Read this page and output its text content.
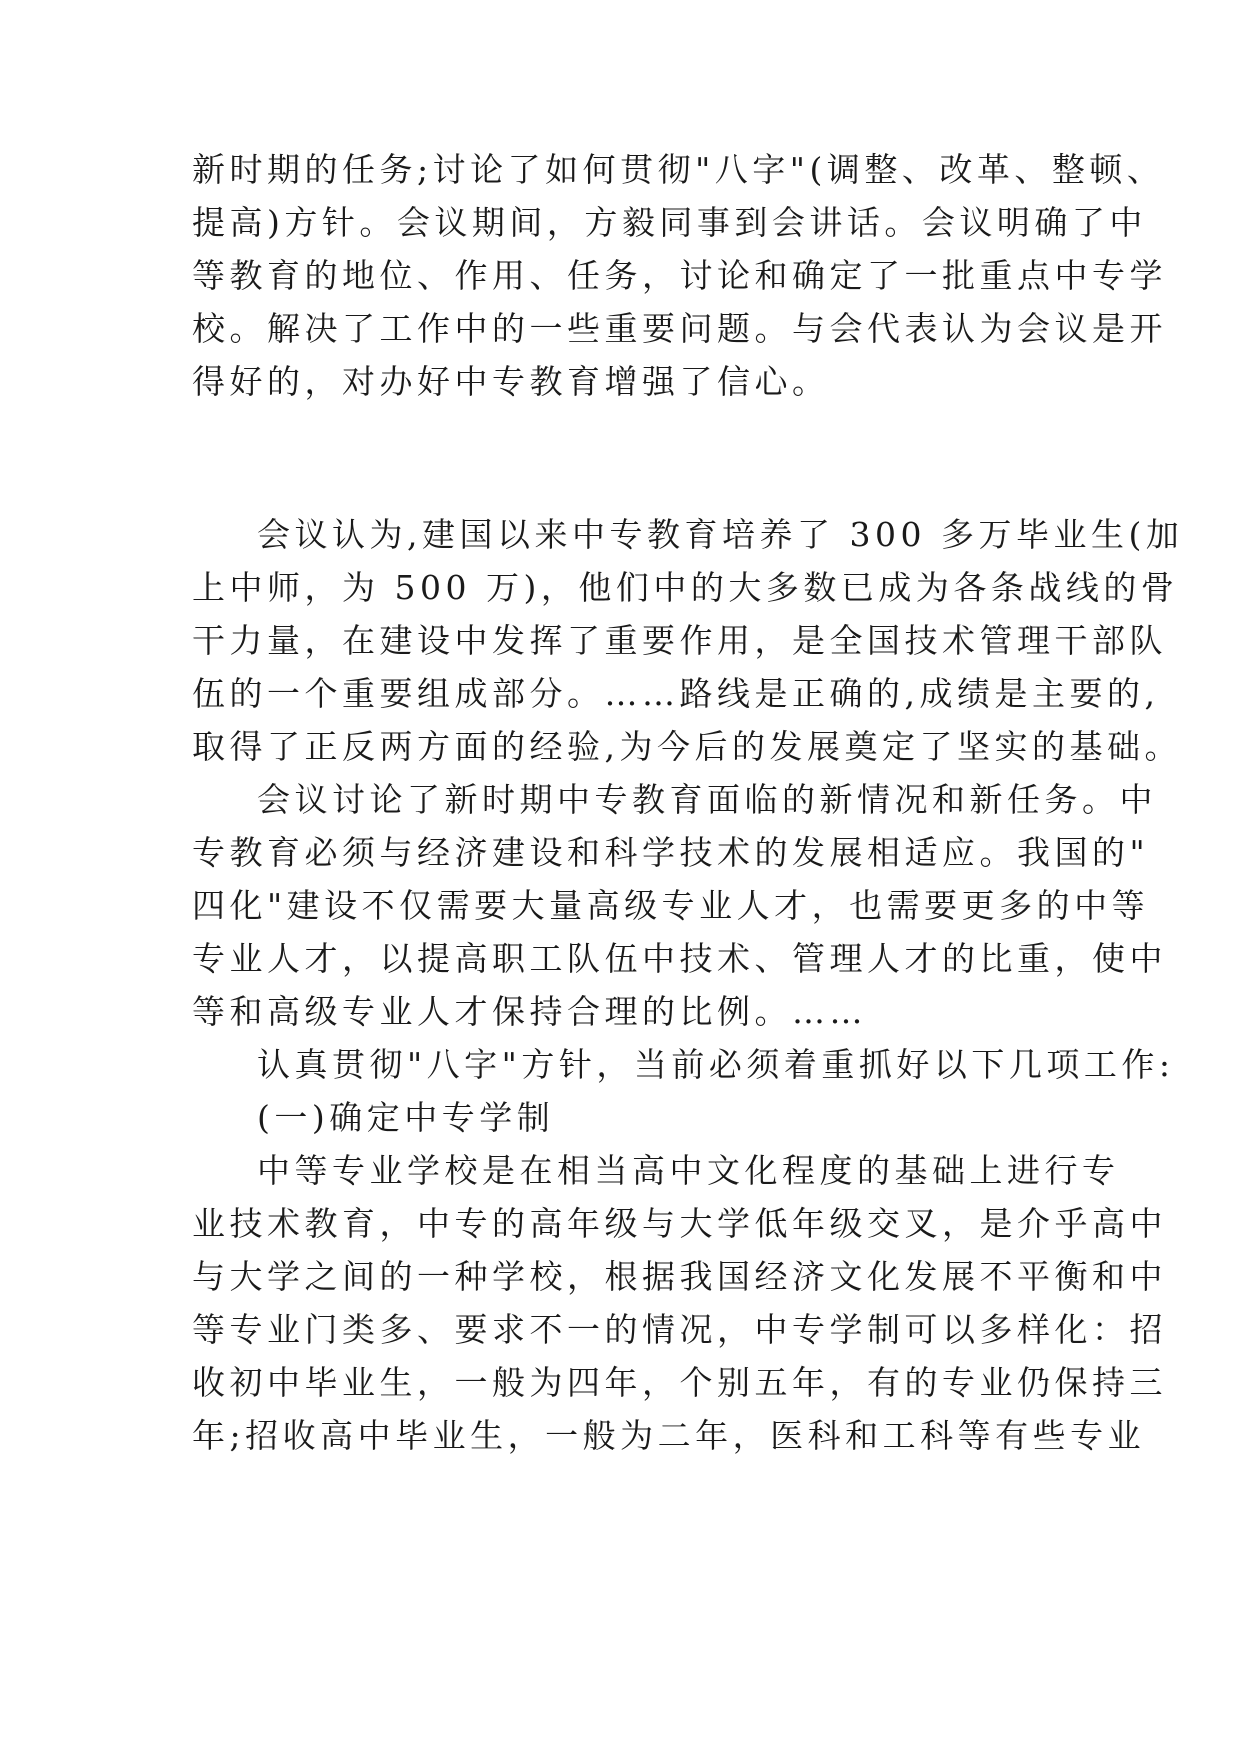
新时期的任务;讨论了如何贯彻"八字"(调整、改革、整顿、
提高)方针。会议期间，方毅同事到会讲话。会议明确了中
等教育的地位、作用、任务，讨论和确定了一批重点中专学
校。解决了工作中的一些重要问题。与会代表认为会议是开
得好的，对办好中专教育增强了信心。
会议认为,建国以来中专教育培养了 300 多万毕业生(加
上中师，为 500 万)，他们中的大多数已成为各条战线的骨
干力量，在建设中发挥了重要作用，是全国技术管理干部队
伍的一个重要组成部分。……路线是正确的,成绩是主要的,
取得了正反两方面的经验,为今后的发展奠定了坚实的基础。
会议讨论了新时期中专教育面临的新情况和新任务。中
专教育必须与经济建设和科学技术的发展相适应。我国的"
四化"建设不仅需要大量高级专业人才，也需要更多的中等
专业人才，以提高职工队伍中技术、管理人才的比重，使中
等和高级专业人才保持合理的比例。……
认真贯彻"八字"方针，当前必须着重抓好以下几项工作:
(一)确定中专学制
中等专业学校是在相当高中文化程度的基础上进行专
业技术教育，中专的高年级与大学低年级交叉，是介乎高中
与大学之间的一种学校，根据我国经济文化发展不平衡和中
等专业门类多、要求不一的情况，中专学制可以多样化：招
收初中毕业生，一般为四年，个别五年，有的专业仍保持三
年;招收高中毕业生，一般为二年，医科和工科等有些专业
